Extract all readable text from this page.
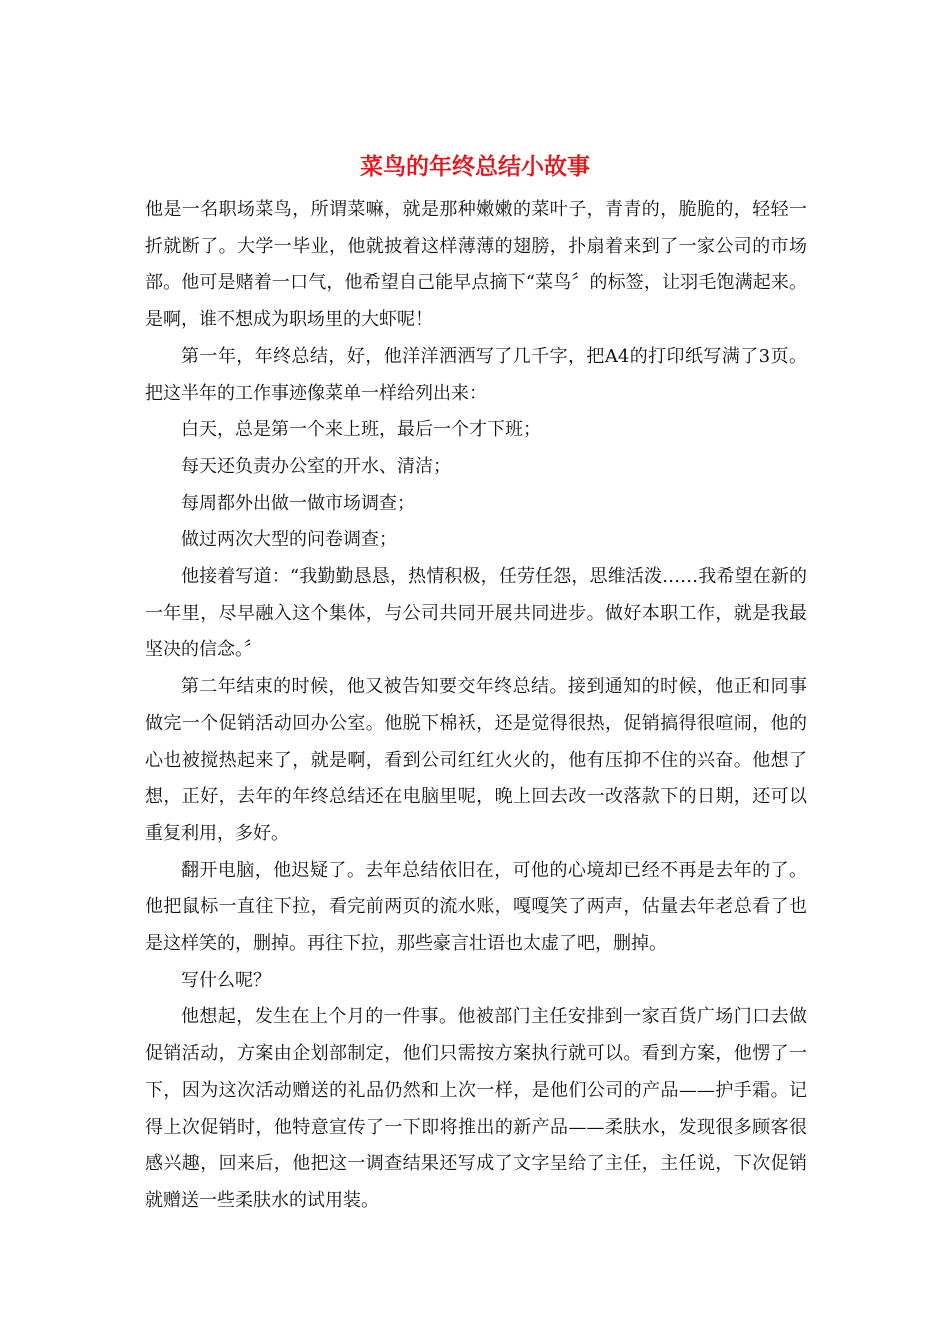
菜鸟的年终总结小故事

他是一名职场菜鸟，所谓菜嘛，就是那种嫩嫩的菜叶子，青青的，脆脆的，轻轻一折就断了。大学一毕业，他就披着这样薄薄的翅膀，扑扇着来到了一家公司的市场部。他可是赌着一口气，他希望自己能早点摘下“菜鸟〞的标签，让羽毛饱满起来。是啊，谁不想成为职场里的大虾呢！

第一年，年终总结，好，他洋洋洒洒写了几千字，把A4的打印纸写满了3页。把这半年的工作事迹像菜单一样给列出来：

白天，总是第一个来上班，最后一个才下班；

每天还负责办公室的开水、清洁；

每周都外出做一做市场调查；

做过两次大型的问卷调查；

他接着写道：“我勤勤恳恳，热情积极，任劳任怨，思维活泼……我希望在新的一年里，尽早融入这个集体，与公司共同开展共同进步。做好本职工作，就是我最坚决的信念。〞

第二年结束的时候，他又被告知要交年终总结。接到通知的时候，他正和同事做完一个促销活动回办公室。他脱下棉袄，还是觉得很热，促销搞得很喧闹，他的心也被搅热起来了，就是啊，看到公司红红火火的，他有压抑不住的兴奋。他想了想，正好，去年的年终总结还在电脑里呢，晚上回去改一改落款下的日期，还可以重复利用，多好。

翻开电脑，他迟疑了。去年总结依旧在，可他的心境却已经不再是去年的了。他把鼠标一直往下拉，看完前两页的流水账，嘎嘎笑了两声，估量去年老总看了也是这样笑的，删掉。再往下拉，那些豪言壮语也太虚了吧，删掉。

写什么呢？

他想起，发生在上个月的一件事。他被部门主任安排到一家百货广场门口去做促销活动，方案由企划部制定，他们只需按方案执行就可以。看到方案，他愣了一下，因为这次活动赠送的礼品仍然和上次一样，是他们公司的产品——护手霜。记得上次促销时，他特意宣传了一下即将推出的新产品——柔肤水，发现很多顾客很感兴趣，回来后，他把这一调查结果还写成了文字呈给了主任，主任说，下次促销就赠送一些柔肤水的试用装。
